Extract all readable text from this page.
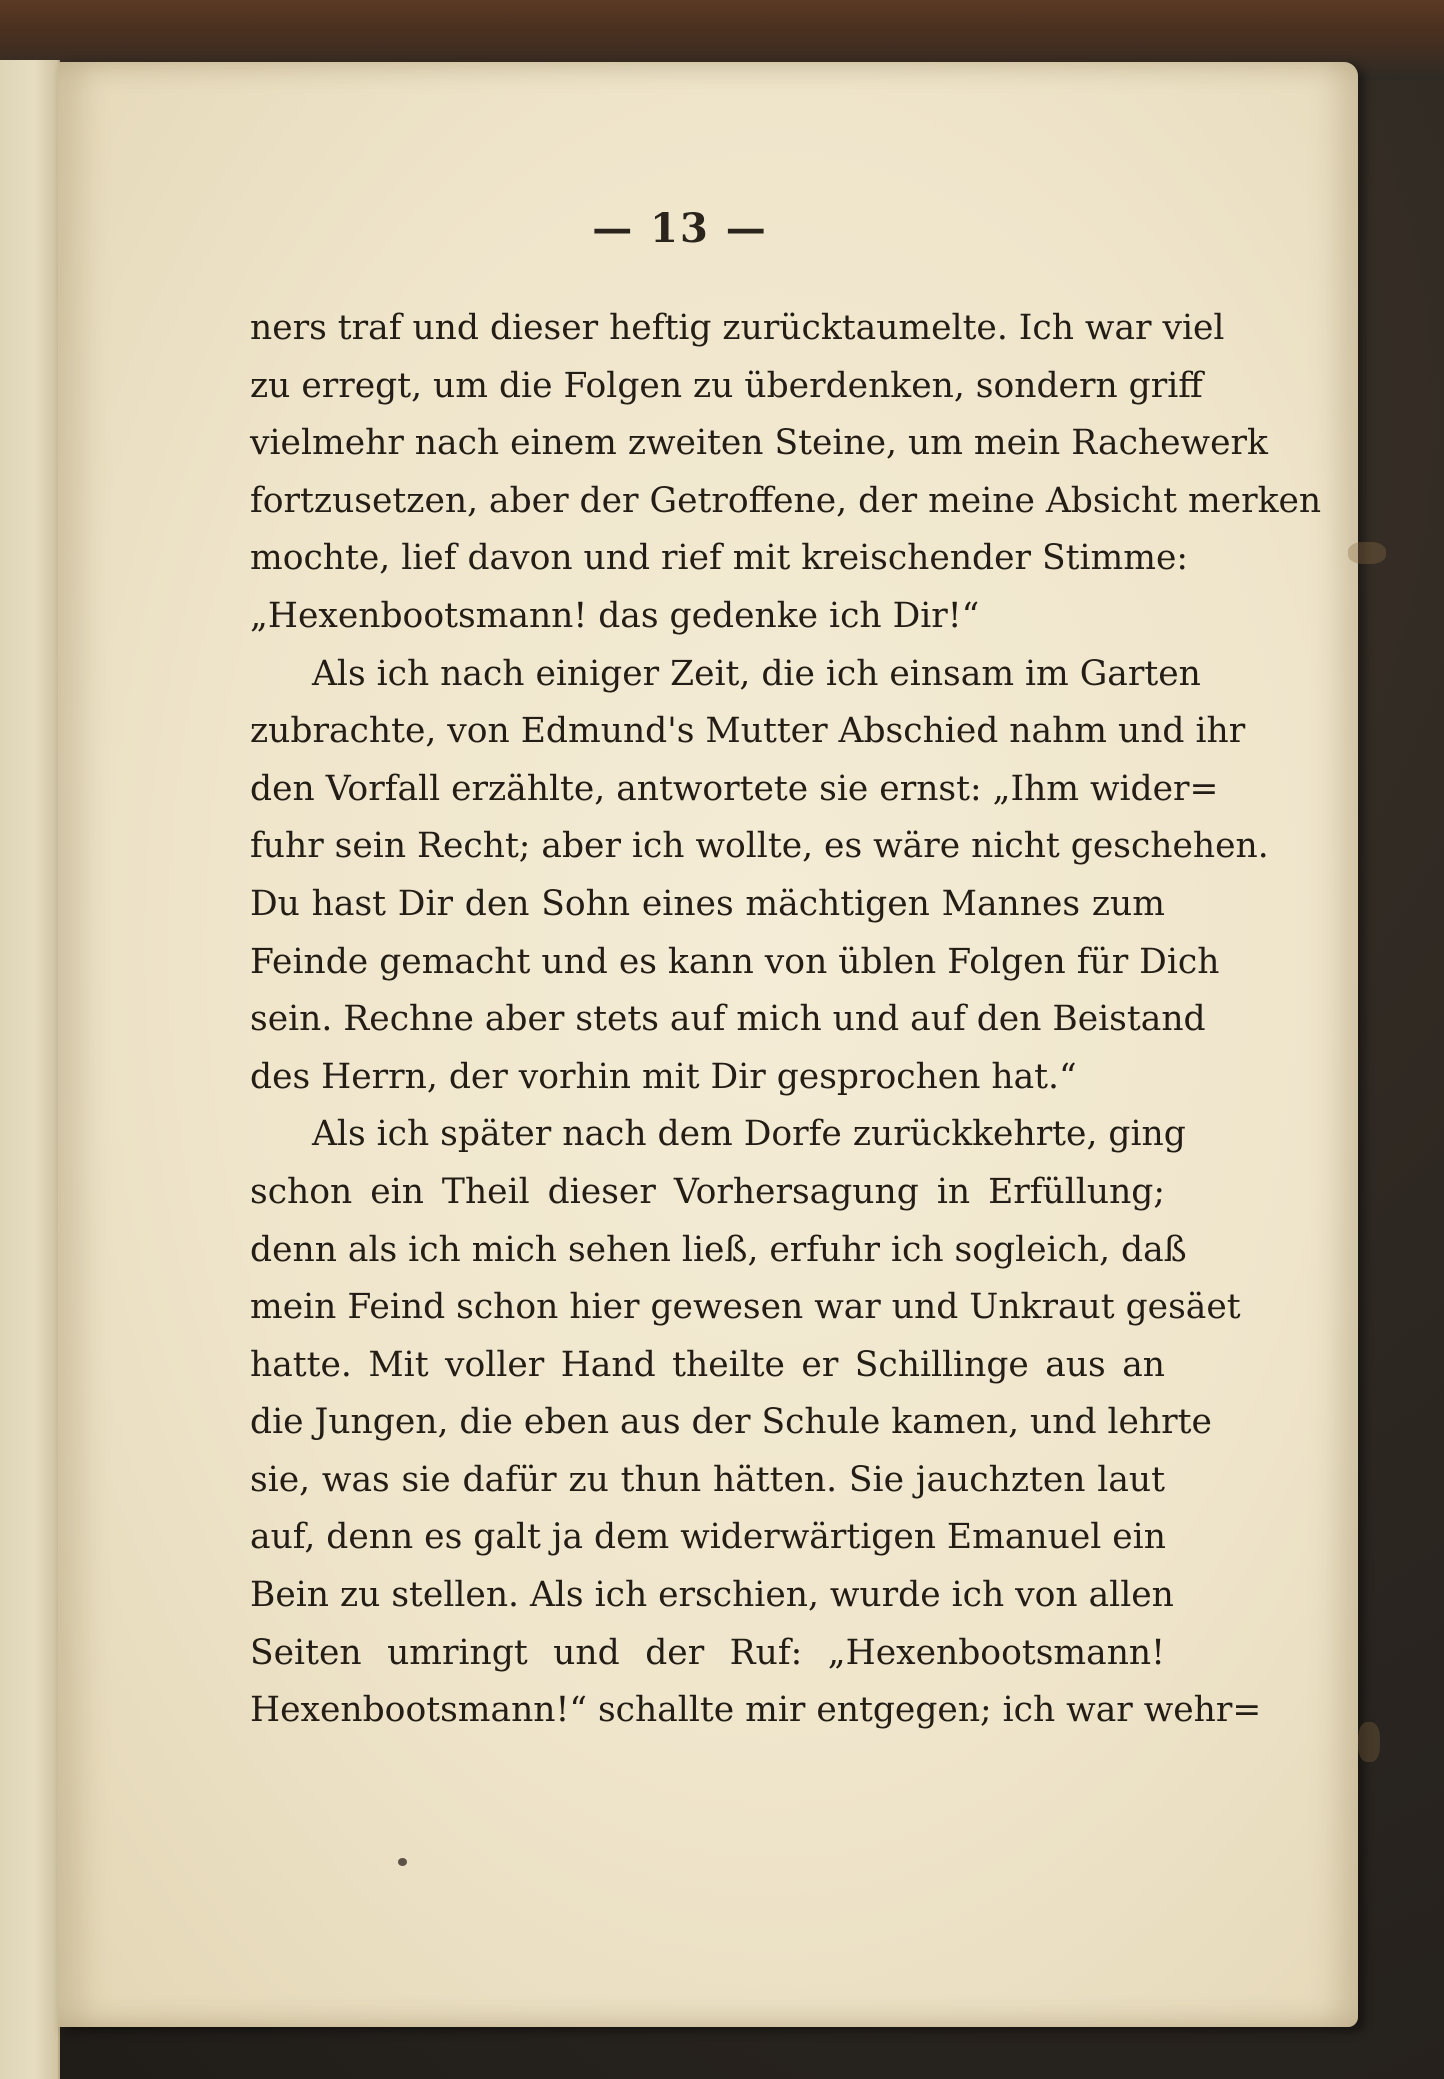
— 13 —
ners traf und dieser heftig zurücktaumelte. Ich war viel
zu erregt, um die Folgen zu überdenken, sondern griff
vielmehr nach einem zweiten Steine, um mein Rachewerk
fortzusetzen, aber der Getroffene, der meine Absicht merken
mochte, lief davon und rief mit kreischender Stimme:
„Hexenbootsmann! das gedenke ich Dir!“
Als ich nach einiger Zeit, die ich einsam im Garten
zubrachte, von Edmund's Mutter Abschied nahm und ihr
den Vorfall erzählte, antwortete sie ernst: „Ihm wider=
fuhr sein Recht; aber ich wollte, es wäre nicht geschehen.
Du hast Dir den Sohn eines mächtigen Mannes zum
Feinde gemacht und es kann von üblen Folgen für Dich
sein. Rechne aber stets auf mich und auf den Beistand
des Herrn, der vorhin mit Dir gesprochen hat.“
Als ich später nach dem Dorfe zurückkehrte, ging
schon ein Theil dieser Vorhersagung in Erfüllung;
denn als ich mich sehen ließ, erfuhr ich sogleich, daß
mein Feind schon hier gewesen war und Unkraut gesäet
hatte. Mit voller Hand theilte er Schillinge aus an
die Jungen, die eben aus der Schule kamen, und lehrte
sie, was sie dafür zu thun hätten. Sie jauchzten laut
auf, denn es galt ja dem widerwärtigen Emanuel ein
Bein zu stellen. Als ich erschien, wurde ich von allen
Seiten umringt und der Ruf: „Hexenbootsmann!
Hexenbootsmann!“ schallte mir entgegen; ich war wehr=
